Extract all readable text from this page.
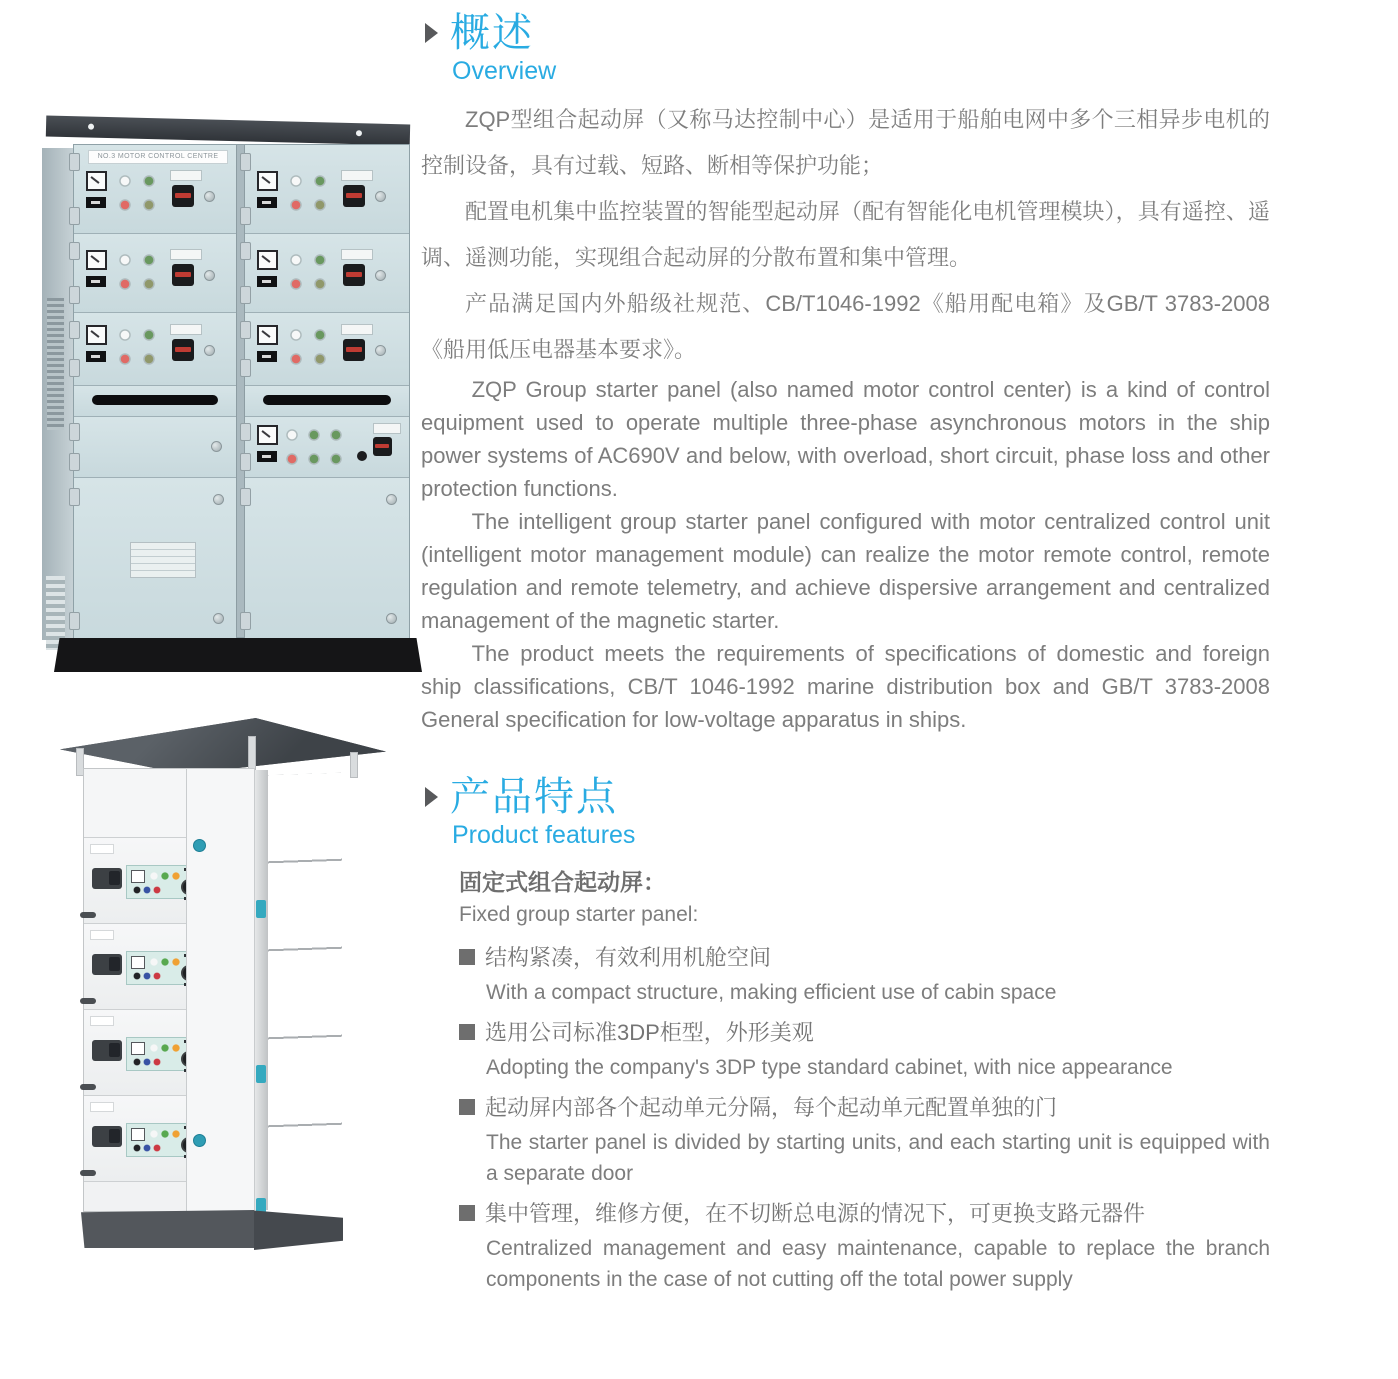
NO.3 MOTOR CONTROL CENTRE
概述
Overview

ZQP型组合起动屏（又称马达控制中心）是适用于船舶电网中多个三相异步电机的控制设备，具有过载、短路、断相等保护功能；

配置电机集中监控装置的智能型起动屏（配有智能化电机管理模块），具有遥控、遥调、遥测功能，实现组合起动屏的分散布置和集中管理。

产品满足国内外船级社规范、CB/T1046-1992《船用配电箱》及GB/T 3783-2008《船用低压电器基本要求》。

ZQP Group starter panel (also named motor control center) is a kind of control equipment used to operate multiple three-phase asynchronous motors in the ship power systems of AC690V and below, with overload, short circuit, phase loss and other protection functions.

The intelligent group starter panel configured with motor centralized control unit (intelligent motor management module) can realize the motor remote control, remote regulation and remote telemetry, and achieve dispersive arrangement and centralized management of the magnetic starter.

The product meets the requirements of specifications of domestic and foreign ship classifications, CB/T 1046-1992 marine distribution box and GB/T 3783-2008 General specification for low-voltage apparatus in ships.

产品特点
Product features

固定式组合起动屏：

Fixed group starter panel:

结构紧凑，有效利用机舱空间
With a compact structure, making efficient use of cabin space
选用公司标准3DP柜型，外形美观
Adopting the company's 3DP type standard cabinet, with nice appearance
起动屏内部各个起动单元分隔，每个起动单元配置单独的门
The starter panel is divided by starting units, and each starting unit is equipped with a separate door
集中管理，维修方便，在不切断总电源的情况下，可更换支路元器件
Centralized management and easy maintenance, capable to replace the branch components in the case of not cutting off the total power supply
